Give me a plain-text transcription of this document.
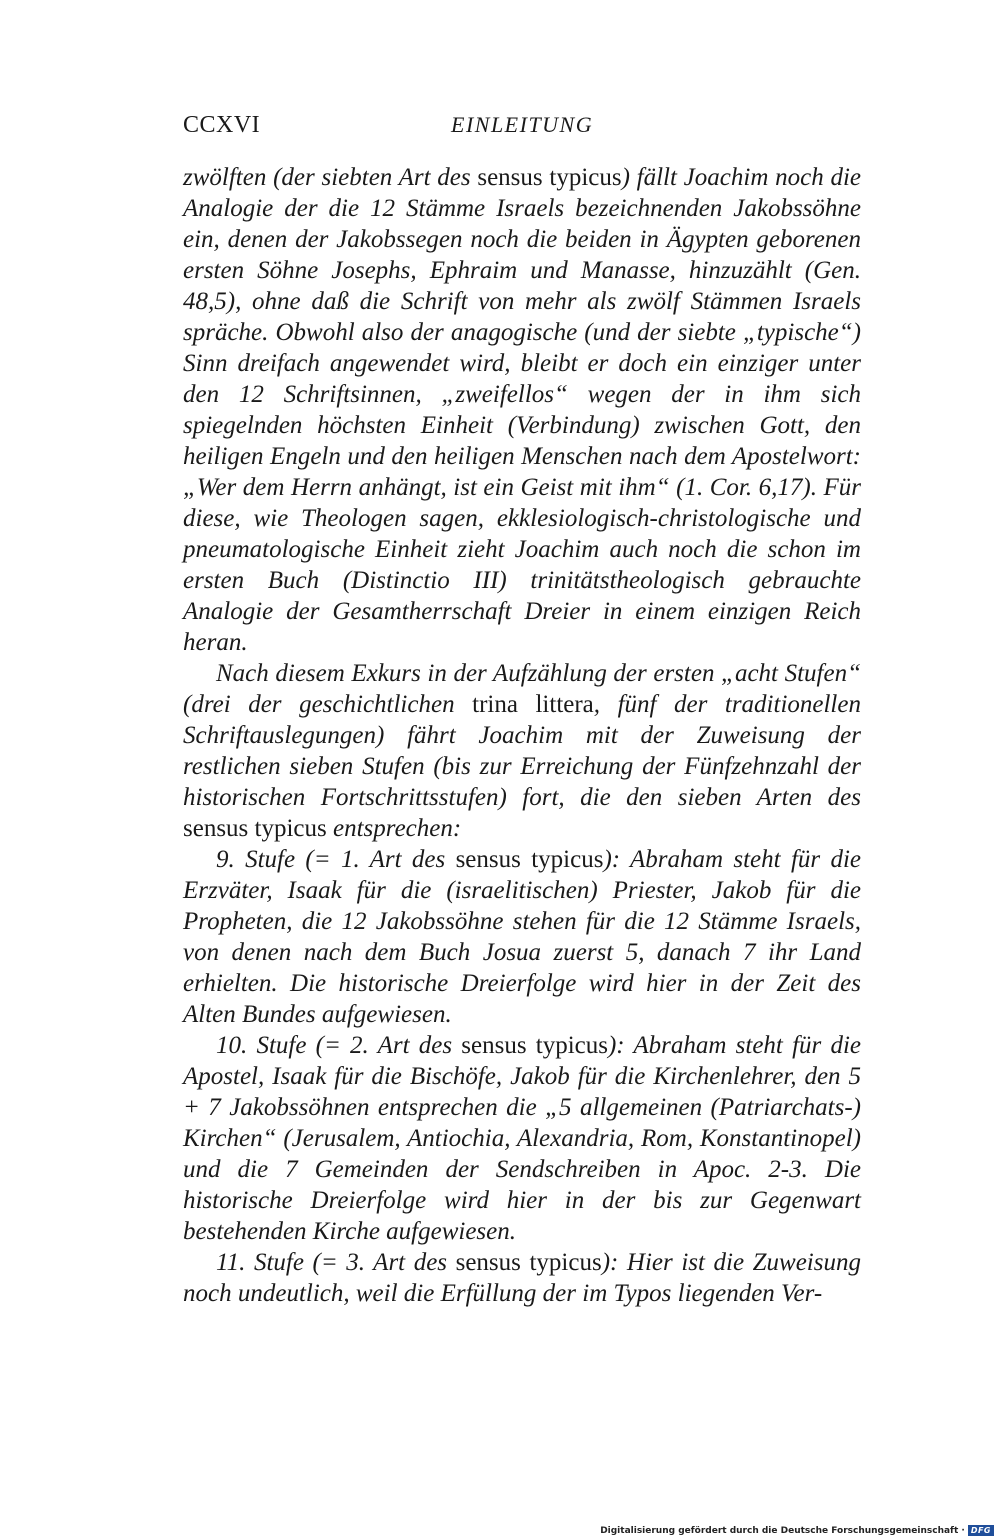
CCXVI	EINLEITUNG

zwölften (der siebten Art des sensus typicus) fällt Joachim noch die Analogie der die 12 Stämme Israels bezeichnenden Jakobssöhne ein, denen der Jakobssegen noch die beiden in Ägypten geborenen ersten Söhne Josephs, Ephraim und Manasse, hinzuzählt (Gen. 48,5), ohne daß die Schrift von mehr als zwölf Stämmen Israels spräche. Obwohl also der anagogische (und der siebte „typische“) Sinn dreifach angewendet wird, bleibt er doch ein einziger unter den 12 Schriftsinnen, „zweifellos“ wegen der in ihm sich spiegelnden höchsten Einheit (Verbindung) zwischen Gott, den heiligen Engeln und den heiligen Menschen nach dem Apostelwort: „Wer dem Herrn anhängt, ist ein Geist mit ihm“ (1. Cor. 6,17). Für diese, wie Theologen sagen, ekklesiologisch-christologische und pneumatologische Einheit zieht Joachim auch noch die schon im ersten Buch (Distinctio III) trinitätstheologisch gebrauchte Analogie der Gesamtherrschaft Dreier in einem einzigen Reich heran.

Nach diesem Exkurs in der Aufzählung der ersten „acht Stufen“ (drei der geschichtlichen trina littera, fünf der traditionellen Schriftauslegungen) fährt Joachim mit der Zuweisung der restlichen sieben Stufen (bis zur Erreichung der Fünfzehnzahl der historischen Fortschrittsstufen) fort, die den sieben Arten des sensus typicus entsprechen:

9. Stufe (= 1. Art des sensus typicus): Abraham steht für die Erzväter, Isaak für die (israelitischen) Priester, Jakob für die Propheten, die 12 Jakobssöhne stehen für die 12 Stämme Israels, von denen nach dem Buch Josua zuerst 5, danach 7 ihr Land erhielten. Die historische Dreierfolge wird hier in der Zeit des Alten Bundes aufgewiesen.

10. Stufe (= 2. Art des sensus typicus): Abraham steht für die Apostel, Isaak für die Bischöfe, Jakob für die Kirchenlehrer, den 5 + 7 Jakobssöhnen entsprechen die „5 allgemeinen (Patriarchats-) Kirchen“ (Jerusalem, Antiochia, Alexandria, Rom, Konstantinopel) und die 7 Gemeinden der Sendschreiben in Apoc. 2-3. Die historische Dreierfolge wird hier in der bis zur Gegenwart bestehenden Kirche aufgewiesen.

11. Stufe (= 3. Art des sensus typicus): Hier ist die Zuweisung noch undeutlich, weil die Erfüllung der im Typos liegenden Ver-

Digitalisierung gefördert durch die Deutsche Forschungsgemeinschaft · DFG
